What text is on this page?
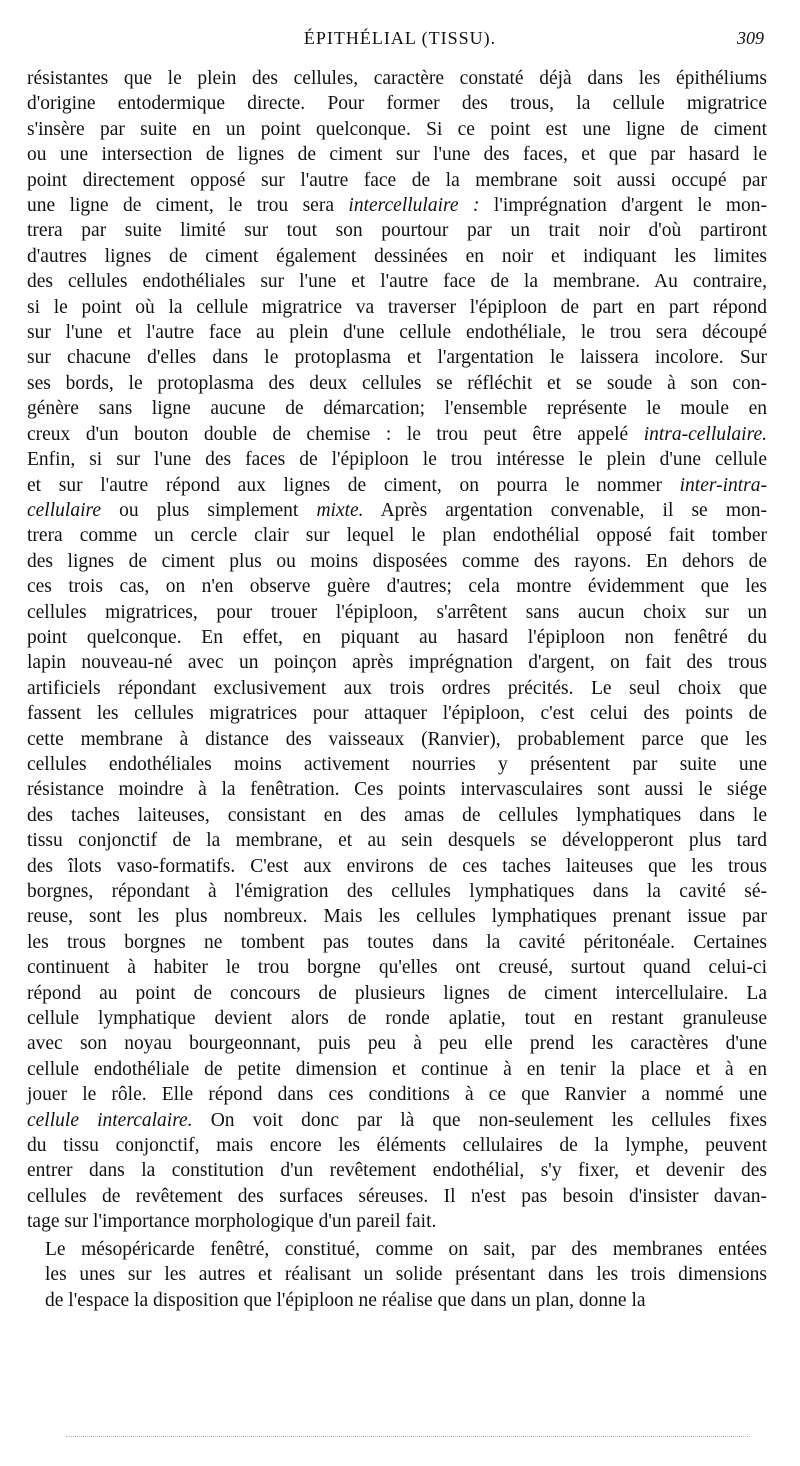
ÉPITHÉLIAL (TISSU).	309
résistantes que le plein des cellules, caractère constaté déjà dans les épithéliums
d'origine entodermique directe. Pour former des trous, la cellule migratrice
s'insère par suite en un point quelconque. Si ce point est une ligne de ciment
ou une intersection de lignes de ciment sur l'une des faces, et que par hasard le
point directement opposé sur l'autre face de la membrane soit aussi occupé par
une ligne de ciment, le trou sera intercellulaire : l'imprégnation d'argent le mon-
trera par suite limité sur tout son pourtour par un trait noir d'où partiront
d'autres lignes de ciment également dessinées en noir et indiquant les limites
des cellules endothéliales sur l'une et l'autre face de la membrane. Au contraire,
si le point où la cellule migratrice va traverser l'épiploon de part en part répond
sur l'une et l'autre face au plein d'une cellule endothéliale, le trou sera découpé
sur chacune d'elles dans le protoplasma et l'argentation le laissera incolore. Sur
ses bords, le protoplasma des deux cellules se réfléchit et se soude à son con-
génère sans ligne aucune de démarcation; l'ensemble représente le moule en
creux d'un bouton double de chemise : le trou peut être appelé intra-cellulaire.
Enfin, si sur l'une des faces de l'épiploon le trou intéresse le plein d'une cellule
et sur l'autre répond aux lignes de ciment, on pourra le nommer inter-intra-
cellulaire ou plus simplement mixte. Après argentation convenable, il se mon-
trera comme un cercle clair sur lequel le plan endothélial opposé fait tomber
des lignes de ciment plus ou moins disposées comme des rayons. En dehors de
ces trois cas, on n'en observe guère d'autres; cela montre évidemment que les
cellules migratrices, pour trouer l'épiploon, s'arrêtent sans aucun choix sur un
point quelconque. En effet, en piquant au hasard l'épiploon non fenêtré du
lapin nouveau-né avec un poinçon après imprégnation d'argent, on fait des trous
artificiels répondant exclusivement aux trois ordres précités. Le seul choix que
fassent les cellules migratrices pour attaquer l'épiploon, c'est celui des points de
cette membrane à distance des vaisseaux (Ranvier), probablement parce que les
cellules endothéliales moins activement nourries y présentent par suite une
résistance moindre à la fenêtration. Ces points intervasculaires sont aussi le siége
des taches laiteuses, consistant en des amas de cellules lymphatiques dans le
tissu conjonctif de la membrane, et au sein desquels se développeront plus tard
des îlots vaso-formatifs. C'est aux environs de ces taches laiteuses que les trous
borgnes, répondant à l'émigration des cellules lymphatiques dans la cavité sé-
reuse, sont les plus nombreux. Mais les cellules lymphatiques prenant issue par
les trous borgnes ne tombent pas toutes dans la cavité péritonéale. Certaines
continuent à habiter le trou borgne qu'elles ont creusé, surtout quand celui-ci
répond au point de concours de plusieurs lignes de ciment intercellulaire. La
cellule lymphatique devient alors de ronde aplatie, tout en restant granuleuse
avec son noyau bourgeonnant, puis peu à peu elle prend les caractères d'une
cellule endothéliale de petite dimension et continue à en tenir la place et à en
jouer le rôle. Elle répond dans ces conditions à ce que Ranvier a nommé une
cellule intercalaire. On voit donc par là que non-seulement les cellules fixes
du tissu conjonctif, mais encore les éléments cellulaires de la lymphe, peuvent
entrer dans la constitution d'un revêtement endothélial, s'y fixer, et devenir des
cellules de revêtement des surfaces séreuses. Il n'est pas besoin d'insister davan-
tage sur l'importance morphologique d'un pareil fait.
Le mésopéricarde fenêtré, constitué, comme on sait, par des membranes entées
les unes sur les autres et réalisant un solide présentant dans les trois dimensions
de l'espace la disposition que l'épiploon ne réalise que dans un plan, donne la
